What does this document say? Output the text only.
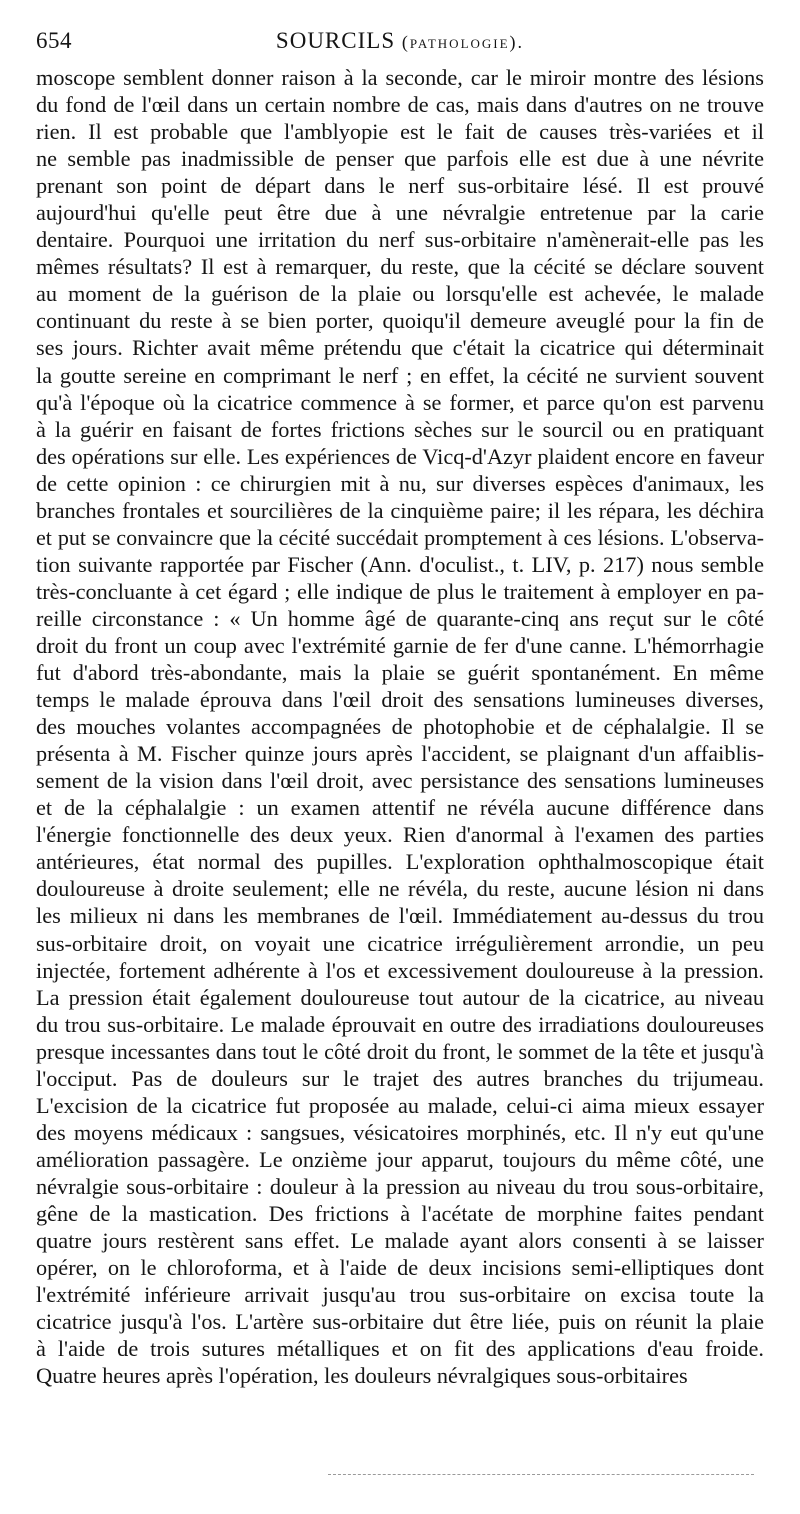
654	SOURCILS (pathologie).
moscope semblent donner raison à la seconde, car le miroir montre des lésions
du fond de l'œil dans un certain nombre de cas, mais dans d'autres on ne trouve
rien. Il est probable que l'amblyopie est le fait de causes très-variées et il
ne semble pas inadmissible de penser que parfois elle est due à une névrite
prenant son point de départ dans le nerf sus-orbitaire lésé. Il est prouvé
aujourd'hui qu'elle peut être due à une névralgie entretenue par la carie
dentaire. Pourquoi une irritation du nerf sus-orbitaire n'amènerait-elle pas les
mêmes résultats? Il est à remarquer, du reste, que la cécité se déclare souvent
au moment de la guérison de la plaie ou lorsqu'elle est achevée, le malade
continuant du reste à se bien porter, quoiqu'il demeure aveuglé pour la fin de
ses jours. Richter avait même prétendu que c'était la cicatrice qui déterminait
la goutte sereine en comprimant le nerf ; en effet, la cécité ne survient souvent
qu'à l'époque où la cicatrice commence à se former, et parce qu'on est parvenu
à la guérir en faisant de fortes frictions sèches sur le sourcil ou en pratiquant
des opérations sur elle. Les expériences de Vicq-d'Azyr plaident encore en faveur
de cette opinion : ce chirurgien mit à nu, sur diverses espèces d'animaux, les
branches frontales et sourcilières de la cinquième paire; il les répara, les déchira
et put se convaincre que la cécité succédait promptement à ces lésions. L'observa-
tion suivante rapportée par Fischer (Ann. d'oculist., t. LIV, p. 217) nous semble
très-concluante à cet égard ; elle indique de plus le traitement à employer en pa-
reille circonstance : « Un homme âgé de quarante-cinq ans reçut sur le côté
droit du front un coup avec l'extrémité garnie de fer d'une canne. L'hémorrhagie
fut d'abord très-abondante, mais la plaie se guérit spontanément. En même
temps le malade éprouva dans l'œil droit des sensations lumineuses diverses,
des mouches volantes accompagnées de photophobie et de céphalalgie. Il se
présenta à M. Fischer quinze jours après l'accident, se plaignant d'un affaiblis-
sement de la vision dans l'œil droit, avec persistance des sensations lumineuses
et de la céphalalgie : un examen attentif ne révéla aucune différence dans
l'énergie fonctionnelle des deux yeux. Rien d'anormal à l'examen des parties
antérieures, état normal des pupilles. L'exploration ophthalmoscopique était
douloureuse à droite seulement; elle ne révéla, du reste, aucune lésion ni dans
les milieux ni dans les membranes de l'œil. Immédiatement au-dessus du trou
sus-orbitaire droit, on voyait une cicatrice irrégulièrement arrondie, un peu
injectée, fortement adhérente à l'os et excessivement douloureuse à la pression.
La pression était également douloureuse tout autour de la cicatrice, au niveau
du trou sus-orbitaire. Le malade éprouvait en outre des irradiations douloureuses
presque incessantes dans tout le côté droit du front, le sommet de la tête et jusqu'à
l'occiput. Pas de douleurs sur le trajet des autres branches du trijumeau.
L'excision de la cicatrice fut proposée au malade, celui-ci aima mieux essayer
des moyens médicaux : sangsues, vésicatoires morphinés, etc. Il n'y eut qu'une
amélioration passagère. Le onzième jour apparut, toujours du même côté, une
névralgie sous-orbitaire : douleur à la pression au niveau du trou sous-orbitaire,
gêne de la mastication. Des frictions à l'acétate de morphine faites pendant
quatre jours restèrent sans effet. Le malade ayant alors consenti à se laisser
opérer, on le chloroforma, et à l'aide de deux incisions semi-elliptiques dont
l'extrémité inférieure arrivait jusqu'au trou sus-orbitaire on excisa toute la
cicatrice jusqu'à l'os. L'artère sus-orbitaire dut être liée, puis on réunit la plaie
à l'aide de trois sutures métalliques et on fit des applications d'eau froide.
Quatre heures après l'opération, les douleurs névralgiques sous-orbitaires
